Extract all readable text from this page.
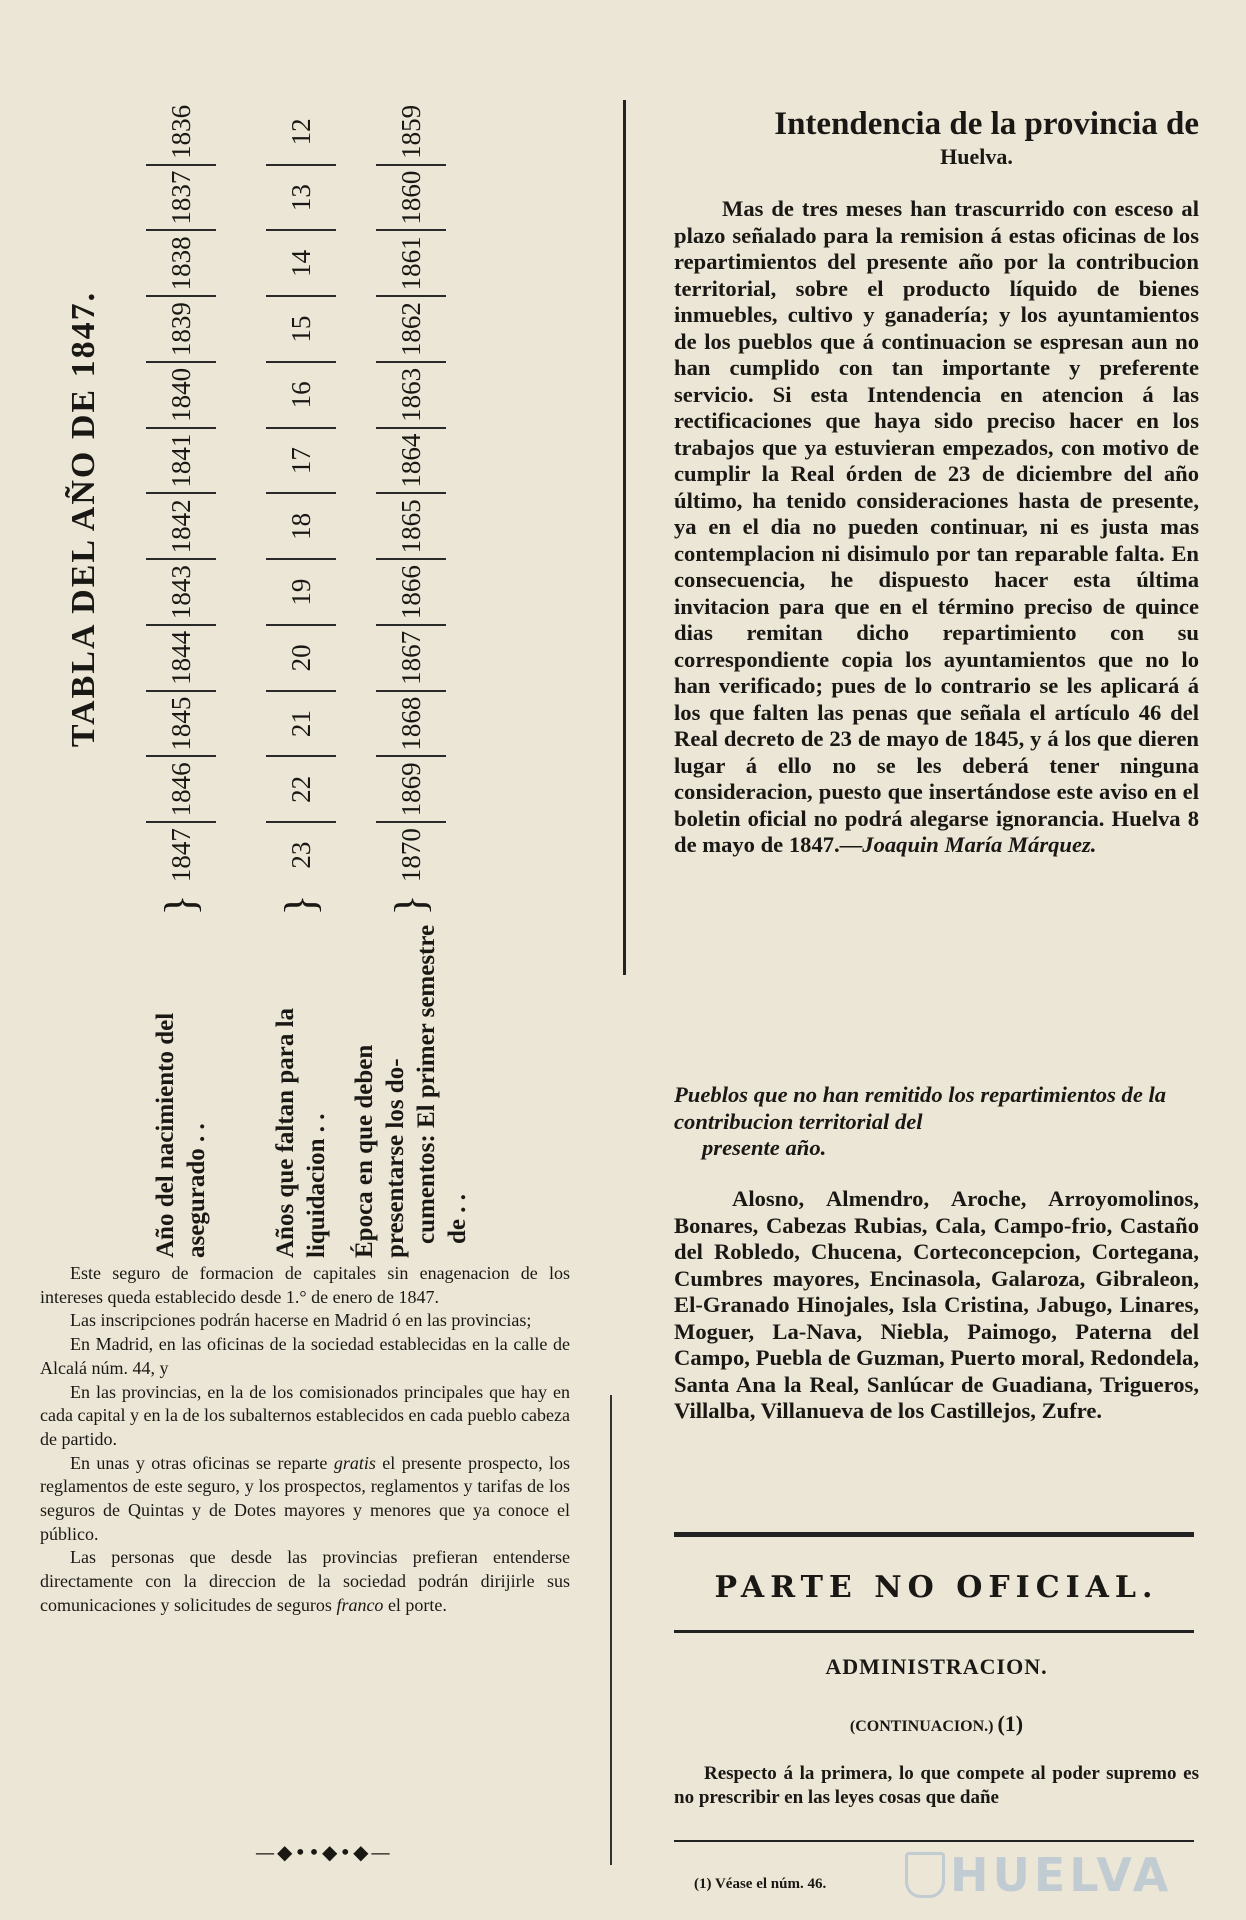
TABLA DEL AÑO DE 1847.
Año del nacimiento del asegurado . .
}
1847
1846
1845
1844
1843
1842
1841
1840
1839
1838
1837
1836
Años que faltan para la liquidacion . .
}
23
22
21
20
19
18
17
16
15
14
13
12
Época en que deben presentarse los do- cumentos: El primer semestre de . .
}
1870
1869
1868
1867
1866
1865
1864
1863
1862
1861
1860
1859

Este seguro de formacion de capitales sin enagenacion de los intereses queda establecido desde 1.° de enero de 1847.

Las inscripciones podrán hacerse en Madrid ó en las provincias;

En Madrid, en las oficinas de la sociedad establecidas en la calle de Alcalá núm. 44, y

En las provincias, en la de los comisionados principales que hay en cada capital y en la de los subalternos establecidos en cada pueblo cabeza de partido.

En unas y otras oficinas se reparte gratis el presente prospecto, los reglamentos de este seguro, y los prospectos, reglamentos y tarifas de los seguros de Quintas y de Dotes mayores y menores que ya conoce el público.

Las personas que desde las provincias prefieran entenderse directamente con la direccion de la sociedad podrán dirijirle sus comunicaciones y solicitudes de seguros franco el porte.

—◆••◆•◆—
Intendencia de la provincia de
Huelva.

Mas de tres meses han trascurrido con esceso al plazo señalado para la remision á estas oficinas de los repartimientos del presente año por la contribucion territorial, sobre el producto líquido de bienes inmuebles, cultivo y ganadería; y los ayuntamientos de los pueblos que á continuacion se espresan aun no han cumplido con tan importante y preferente servicio. Si esta Intendencia en atencion á las rectificaciones que haya sido preciso hacer en los trabajos que ya estuvieran empezados, con motivo de cumplir la Real órden de 23 de diciembre del año último, ha tenido consideraciones hasta de presente, ya en el dia no pueden continuar, ni es justa mas contemplacion ni disimulo por tan reparable falta. En consecuencia, he dispuesto hacer esta última invitacion para que en el término preciso de quince dias remitan dicho repartimiento con su correspondiente copia los ayuntamientos que no lo han verificado; pues de lo contrario se les aplicará á los que falten las penas que señala el artículo 46 del Real decreto de 23 de mayo de 1845, y á los que dieren lugar á ello no se les deberá tener ninguna consideracion, puesto que insertándose este aviso en el boletin oficial no podrá alegarse ignorancia. Huelva 8 de mayo de 1847.—Joaquin María Márquez.

Pueblos que no han remitido los repartimientos de la contribucion territorial del
presente año.

Alosno, Almendro, Aroche, Arroyomolinos, Bonares, Cabezas Rubias, Cala, Campo-frio, Castaño del Robledo, Chucena, Corteconcepcion, Cortegana, Cumbres mayores, Encinasola, Galaroza, Gibraleon, El-Granado Hinojales, Isla Cristina, Jabugo, Linares, Moguer, La-Nava, Niebla, Paimogo, Paterna del Campo, Puebla de Guzman, Puerto moral, Redondela, Santa Ana la Real, Sanlúcar de Guadiana, Trigueros, Villalba, Villanueva de los Castillejos, Zufre.

PARTE NO OFICIAL.
ADMINISTRACION.
(CONTINUACION.) (1)

Respecto á la primera, lo que compete al poder supremo es no prescribir en las leyes cosas que dañe

(1) Véase el núm. 46.	HUELVA
